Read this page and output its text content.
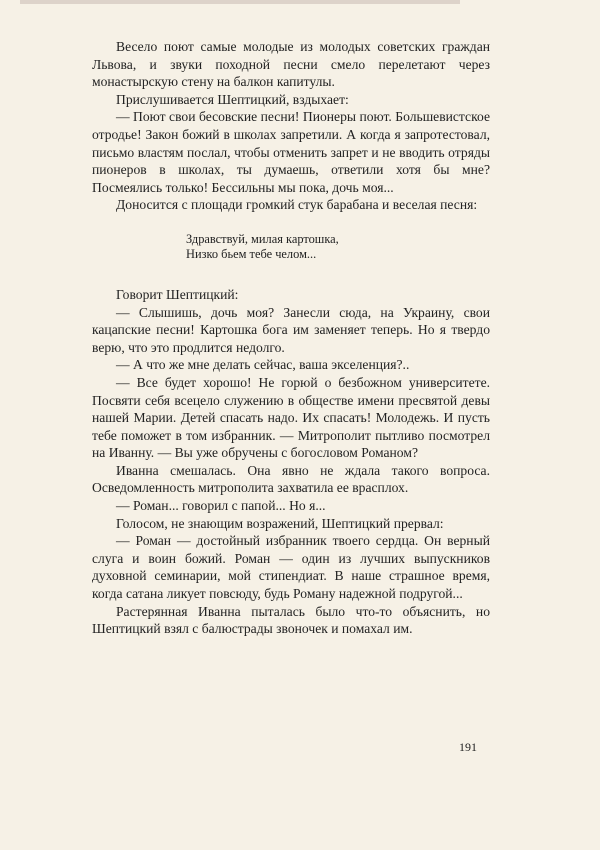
Весело поют самые молодые из молодых советских граждан Львова, и звуки походной песни смело перелетают через монастырскую стену на балкон капитулы.

Прислушивается Шептицкий, вздыхает:

— Поют свои бесовские песни! Пионеры поют. Большевистское отродье! Закон божий в школах запретили. А когда я запротестовал, письмо властям послал, чтобы отменить запрет и не вводить отряды пионеров в школах, ты думаешь, ответили хотя бы мне? Посмеялись только! Бессильны мы пока, дочь моя...

Доносится с площади громкий стук барабана и веселая песня:

Здравствуй, милая картошка,
Низко бьем тебе челом...

Говорит Шептицкий:

— Слышишь, дочь моя? Занесли сюда, на Украину, свои кацапские песни! Картошка бога им заменяет теперь. Но я твердо верю, что это продлится недолго.

— А что же мне делать сейчас, ваша экселенция?..

— Все будет хорошо! Не горюй о безбожном университете. Посвяти себя всецело служению в обществе имени пресвятой девы нашей Марии. Детей спасать надо. Их спасать! Молодежь. И пусть тебе поможет в том избранник. — Митрополит пытливо посмотрел на Иванну. — Вы уже обручены с богословом Романом?

Иванна смешалась. Она явно не ждала такого вопроса. Осведомленность митрополита захватила ее врасплох.

— Роман... говорил с папой... Но я...

Голосом, не знающим возражений, Шептицкий прервал:

— Роман — достойный избранник твоего сердца. Он верный слуга и воин божий. Роман — один из лучших выпускников духовной семинарии, мой стипендиат. В наше страшное время, когда сатана ликует повсюду, будь Роману надежной подругой...

Растерянная Иванна пыталась было что-то объяснить, но Шептицкий взял с балюстрады звоночек и помахал им.

191
